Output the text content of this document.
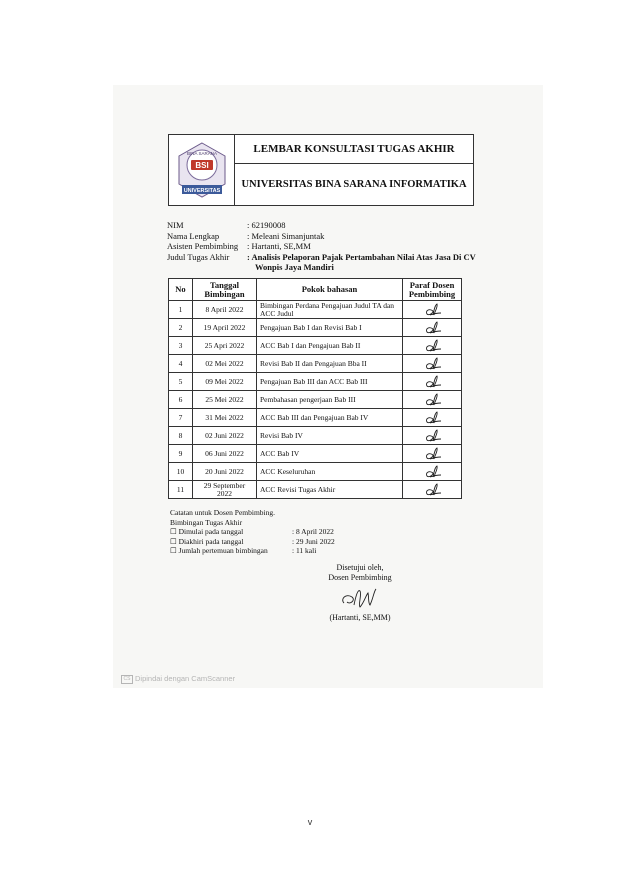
BINA SARANA
BSI
UNIVERSITAS
LEMBAR KONSULTASI TUGAS AKHIR
UNIVERSITAS BINA SARANA INFORMATIKA
NIM	: 62190008
Nama Lengkap	: Meleani Simanjuntak
Asisten Pembimbing	: Hartanti, SE,MM
Judul Tugas Akhir	: Analisis Pelaporan Pajak Pertambahan Nilai Atas Jasa Di CV
Wonpis Jaya Mandiri
No	Tanggal Bimbingan	Pokok bahasan	Paraf Dosen Pembimbing
1	8 April 2022	Bimbingan Perdana Pengajuan Judul TA dan ACC Judul	

2	19 April 2022	Pengajuan Bab I dan Revisi Bab I	

3	25 Apri 2022	ACC Bab I dan Pengajuan Bab II	

4	02 Mei 2022	Revisi Bab II dan Pengajuan Bba II	

5	09 Mei 2022	Pengajuan Bab III dan ACC Bab III	

6	25 Mei 2022	Pembahasan pengerjaan Bab III	

7	31 Mei 2022	ACC Bab III dan Pengajuan Bab IV	

8	02 Juni 2022	Revisi Bab IV	

9	06 Juni 2022	ACC Bab IV	

10	20 Juni 2022	ACC Keseluruhan	

11	29 September 2022	ACC Revisi Tugas Akhir	
Catatan untuk Dosen Pembimbing.
Bimbingan Tugas Akhir
☐ Dimulai pada tanggal	: 8 April 2022
☐ Diakhiri pada tanggal	: 29 Juni 2022
☐ Jumlah pertemuan bimbingan	: 11 kali
Disetujui oleh,
Dosen Pembimbing
(Hartanti, SE,MM)
CS Dipindai dengan CamScanner
v
